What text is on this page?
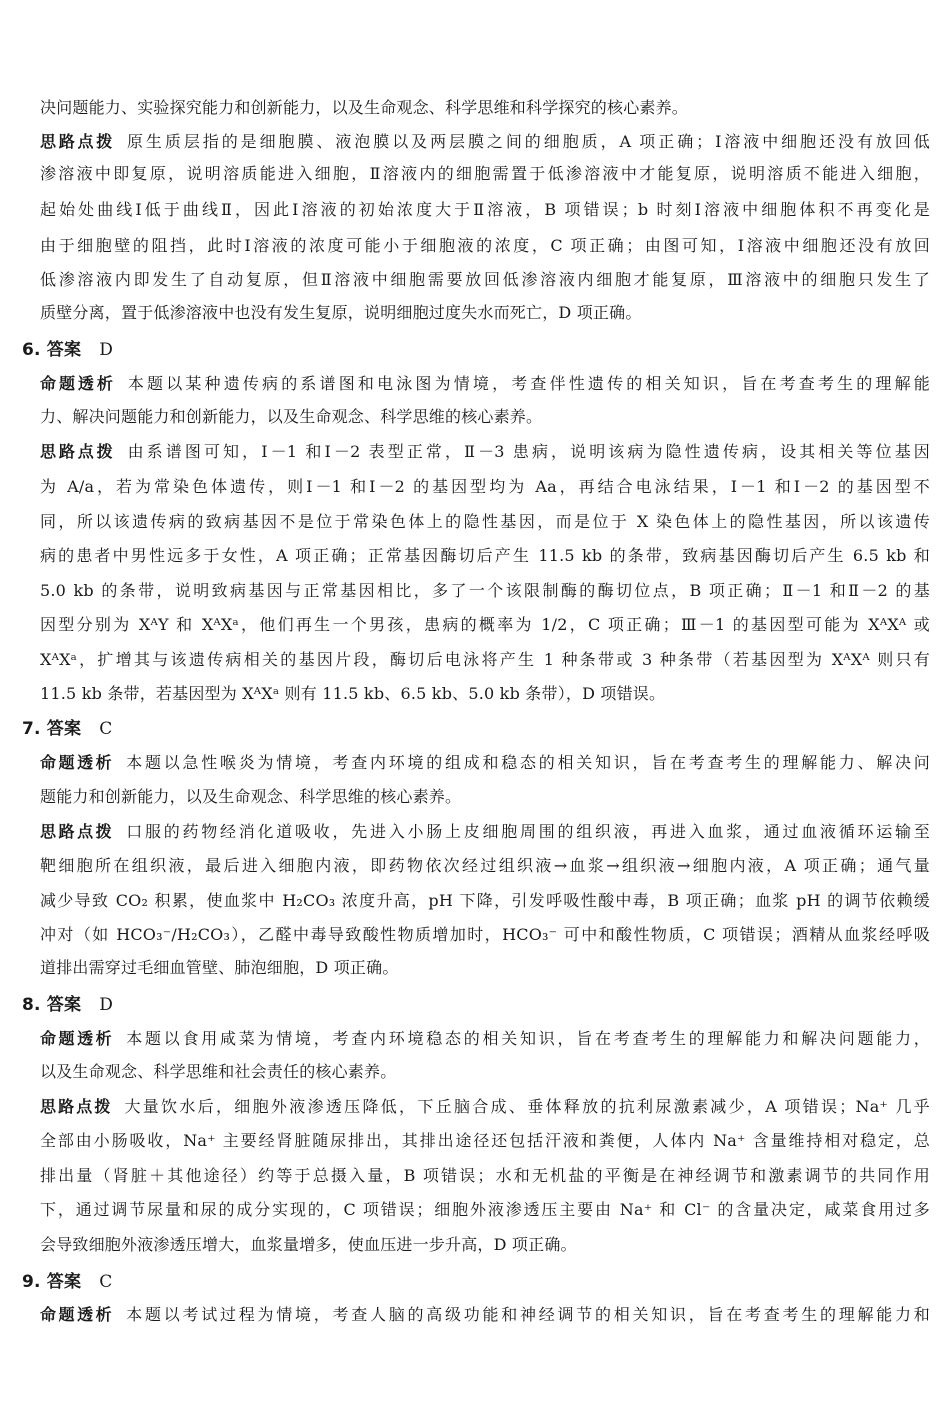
决问题能力、实验探究能力和创新能力，以及生命观念、科学思维和科学探究的核心素养。
思路点拨 原生质层指的是细胞膜、液泡膜以及两层膜之间的细胞质，A 项正确；Ⅰ溶液中细胞还没有放回低
渗溶液中即复原，说明溶质能进入细胞，Ⅱ溶液内的细胞需置于低渗溶液中才能复原，说明溶质不能进入细胞，
起始处曲线Ⅰ低于曲线Ⅱ，因此Ⅰ溶液的初始浓度大于Ⅱ溶液，B 项错误；b 时刻Ⅰ溶液中细胞体积不再变化是
由于细胞壁的阻挡，此时Ⅰ溶液的浓度可能小于细胞液的浓度，C 项正确；由图可知，Ⅰ溶液中细胞还没有放回
低渗溶液内即发生了自动复原，但Ⅱ溶液中细胞需要放回低渗溶液内细胞才能复原，Ⅲ溶液中的细胞只发生了
质壁分离，置于低渗溶液中也没有发生复原，说明细胞过度失水而死亡，D 项正确。
6. 答案 D
命题透析 本题以某种遗传病的系谱图和电泳图为情境，考查伴性遗传的相关知识，旨在考查考生的理解能
力、解决问题能力和创新能力，以及生命观念、科学思维的核心素养。
思路点拨 由系谱图可知，Ⅰ－1 和Ⅰ－2 表型正常，Ⅱ－3 患病，说明该病为隐性遗传病，设其相关等位基因
为 A/a，若为常染色体遗传，则Ⅰ－1 和Ⅰ－2 的基因型均为 Aa，再结合电泳结果，Ⅰ－1 和Ⅰ－2 的基因型不
同，所以该遗传病的致病基因不是位于常染色体上的隐性基因，而是位于 X 染色体上的隐性基因，所以该遗传
病的患者中男性远多于女性，A 项正确；正常基因酶切后产生 11.5 kb 的条带，致病基因酶切后产生 6.5 kb 和
5.0 kb 的条带，说明致病基因与正常基因相比，多了一个该限制酶的酶切位点，B 项正确；Ⅱ－1 和Ⅱ－2 的基
因型分别为 XᴬY 和 XᴬXᵃ，他们再生一个男孩，患病的概率为 1/2，C 项正确；Ⅲ－1 的基因型可能为 XᴬXᴬ 或
XᴬXᵃ，扩增其与该遗传病相关的基因片段，酶切后电泳将产生 1 种条带或 3 种条带（若基因型为 XᴬXᴬ 则只有
11.5 kb 条带，若基因型为 XᴬXᵃ 则有 11.5 kb、6.5 kb、5.0 kb 条带），D 项错误。
7. 答案 C
命题透析 本题以急性喉炎为情境，考查内环境的组成和稳态的相关知识，旨在考查考生的理解能力、解决问
题能力和创新能力，以及生命观念、科学思维的核心素养。
思路点拨 口服的药物经消化道吸收，先进入小肠上皮细胞周围的组织液，再进入血浆，通过血液循环运输至
靶细胞所在组织液，最后进入细胞内液，即药物依次经过组织液→血浆→组织液→细胞内液，A 项正确；通气量
减少导致 CO₂ 积累，使血浆中 H₂CO₃ 浓度升高，pH 下降，引发呼吸性酸中毒，B 项正确；血浆 pH 的调节依赖缓
冲对（如 HCO₃⁻/H₂CO₃），乙醛中毒导致酸性物质增加时，HCO₃⁻ 可中和酸性物质，C 项错误；酒精从血浆经呼吸
道排出需穿过毛细血管壁、肺泡细胞，D 项正确。
8. 答案 D
命题透析 本题以食用咸菜为情境，考查内环境稳态的相关知识，旨在考查考生的理解能力和解决问题能力，
以及生命观念、科学思维和社会责任的核心素养。
思路点拨 大量饮水后，细胞外液渗透压降低，下丘脑合成、垂体释放的抗利尿激素减少，A 项错误；Na⁺ 几乎
全部由小肠吸收，Na⁺ 主要经肾脏随尿排出，其排出途径还包括汗液和粪便，人体内 Na⁺ 含量维持相对稳定，总
排出量（肾脏＋其他途径）约等于总摄入量，B 项错误；水和无机盐的平衡是在神经调节和激素调节的共同作用
下，通过调节尿量和尿的成分实现的，C 项错误；细胞外液渗透压主要由 Na⁺ 和 Cl⁻ 的含量决定，咸菜食用过多
会导致细胞外液渗透压增大，血浆量增多，使血压进一步升高，D 项正确。
9. 答案 C
命题透析 本题以考试过程为情境，考查人脑的高级功能和神经调节的相关知识，旨在考查考生的理解能力和
